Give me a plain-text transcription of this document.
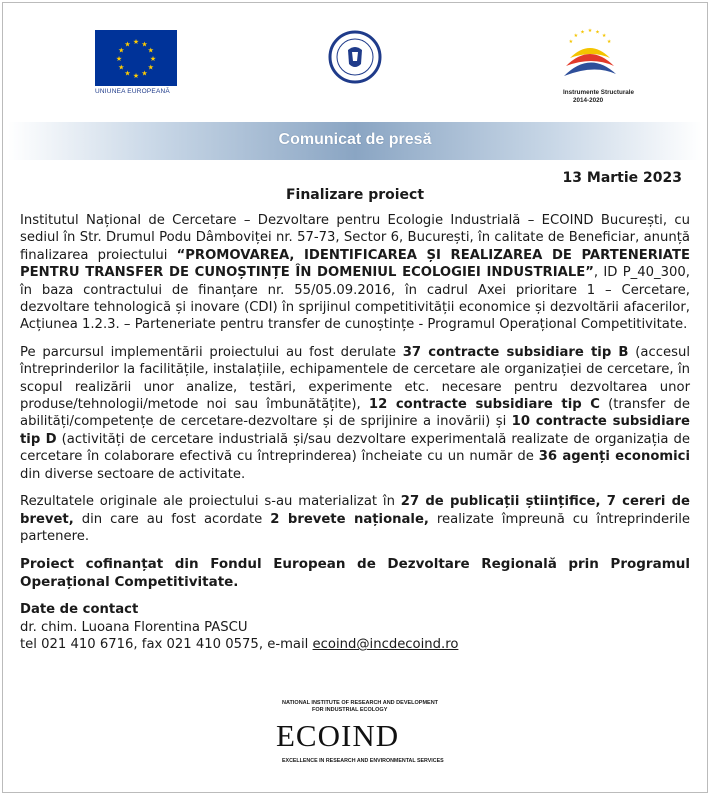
★ ★
★
★
★
★
★
★
★
★
★
★
UNIUNEA EUROPEANĂ
★
★
★ ★ ★
★
★
Instrumente Structurale
2014-2020
Comunicat de presă
13 Martie 2023
Finalizare proiect

Institutul Național de Cercetare – Dezvoltare pentru Ecologie Industrială – ECOIND București, cu sediul în Str. Drumul Podu Dâmboviței nr. 57-73, Sector 6, București, în calitate de Beneficiar, anunță finalizarea proiectului “PROMOVAREA, IDENTIFICAREA ȘI REALIZAREA DE PARTENERIATE PENTRU TRANSFER DE CUNOȘTINȚE ÎN DOMENIUL ECOLOGIEI INDUSTRIALE”, ID P_40_300, în baza contractului de finanțare nr. 55/05.09.2016, în cadrul Axei prioritare 1 – Cercetare, dezvoltare tehnologică și inovare (CDI) în sprijinul competitivității economice și dezvoltării afacerilor, Acțiunea 1.2.3. – Parteneriate pentru transfer de cunoștințe - Programul Operațional Competitivitate.

Pe parcursul implementării proiectului au fost derulate 37 contracte subsidiare tip B (accesul întreprinderilor la facilitățile, instalațiile, echipamentele de cercetare ale organizației de cercetare, în scopul realizării unor analize, testări, experimente etc. necesare pentru dezvoltarea unor produse/tehnologii/metode noi sau îmbunătățite), 12 contracte subsidiare tip C (transfer de abilități/competențe de cercetare-dezvoltare și de sprijinire a inovării) și 10 contracte subsidiare tip D (activități de cercetare industrială și/sau dezvoltare experimentală realizate de organizația de cercetare în colaborare efectivă cu întreprinderea) încheiate cu un număr de 36 agenți economici din diverse sectoare de activitate.

Rezultatele originale ale proiectului s-au materializat în 27 de publicații științifice, 7 cereri de brevet, din care au fost acordate 2 brevete naționale, realizate împreună cu întreprinderile partenere.

Proiect cofinanțat din Fondul European de Dezvoltare Regională prin Programul Operațional Competitivitate.

Date de contact
dr. chim. Luoana Florentina PASCU
tel 021 410 6716, fax 021 410 0575, e-mail ecoind@incdecoind.ro
NATIONAL INSTITUTE OF RESEARCH AND DEVELOPMENT
FOR INDUSTRIAL ECOLOGY
ECOIND
EXCELLENCE IN RESEARCH AND ENVIRONMENTAL SERVICES
